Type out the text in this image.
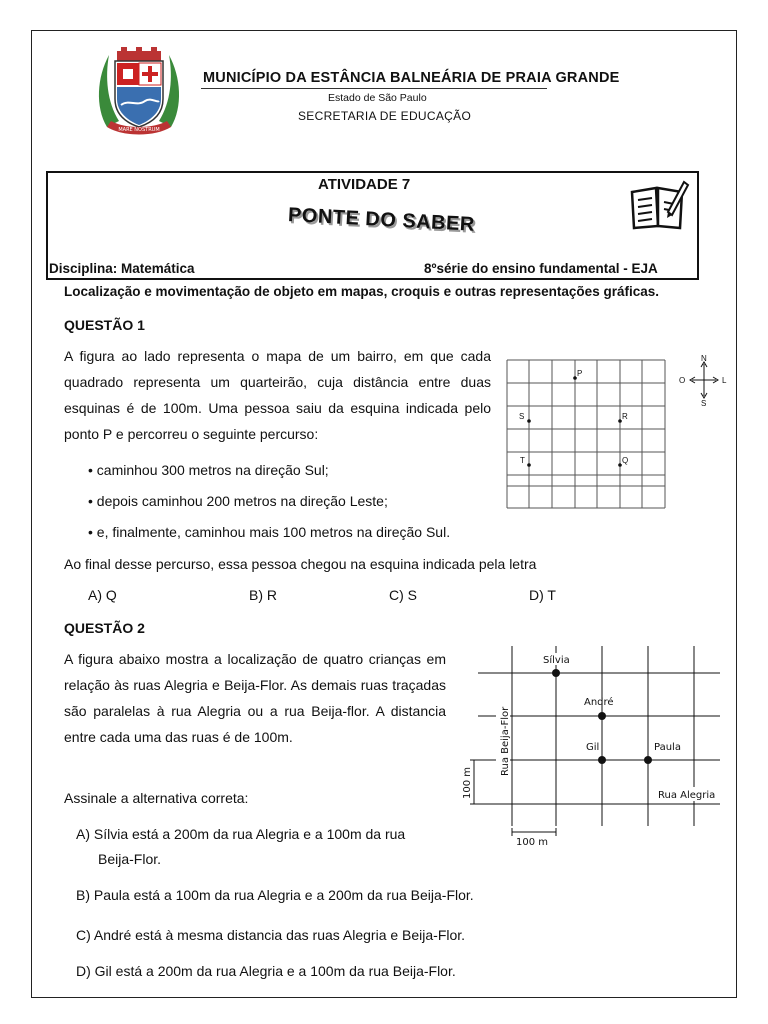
MARE NOSTRUM
MUNICÍPIO DA ESTÂNCIA BALNEÁRIA DE PRAIA GRANDE
Estado de São Paulo
SECRETARIA DE EDUCAÇÃO
ATIVIDADE 7
PONTE DO SABER
Disciplina: Matemática	8ºsérie do ensino fundamental - EJA
Localização e movimentação de objeto em mapas, croquis e outras representações gráficas.
QUESTÃO 1
A figura ao lado representa o mapa de um bairro, em que cada quadrado representa um quarteirão, cuja distância entre duas esquinas é de 100m. Uma pessoa saiu da esquina indicada pelo ponto P e percorreu o seguinte percurso:
• caminhou 300 metros na direção Sul;
• depois caminhou 200 metros na direção Leste;
• e, finalmente, caminhou mais 100 metros na direção Sul.
Ao final desse percurso, essa pessoa chegou na esquina indicada pela letra
A) Q	B) R	C) S	D) T
P
S	R
T	Q
N
S
O	L
QUESTÃO 2
A figura abaixo mostra a localização de quatro crianças em relação às ruas Alegria e Beija-Flor. As demais ruas traçadas são paralelas à rua Alegria ou a rua Beija-flor. A distancia entre cada uma das ruas é de 100m.
Assinale a alternativa correta:
A) Sílvia está a 200m da rua Alegria e a 100m da rua
Beija-Flor.
B) Paula está a 100m da rua Alegria e a 200m da rua Beija-Flor.
C) André está à mesma distancia das ruas Alegria e Beija-Flor.
D) Gil está a 200m da rua Alegria e a 100m da rua Beija-Flor.
Sílvia
André
Gil	Paula
Rua Alegria
Rua Beija-Flor
100 m
100 m
